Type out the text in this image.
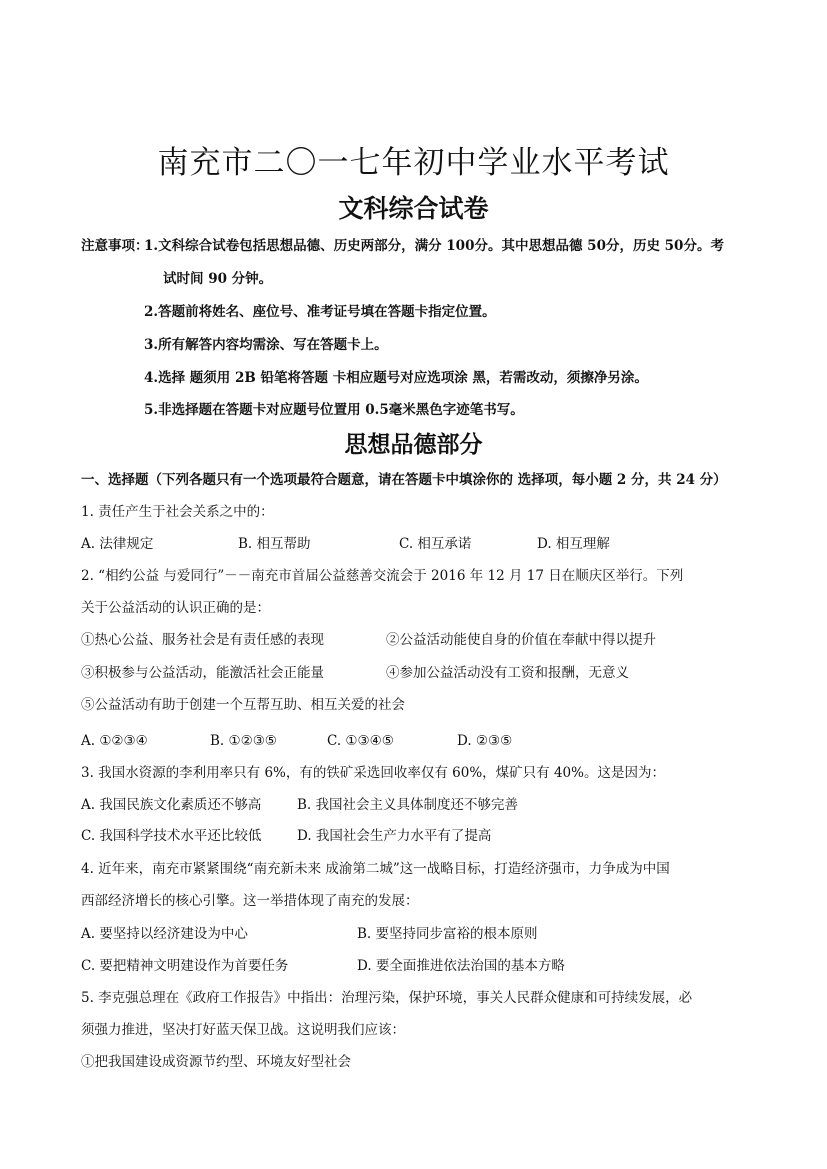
南充市二〇一七年初中学业水平考试
文科综合试卷
注意事项：
1.文科综合试卷包括思想品德、历史两部分，满分 100分。其中思想品德 50分，历史 50分。考
试时间 90 分钟。
2.答题前将姓名、座位号、准考证号填在答题卡指定位置。
3.所有解答内容均需涂、写在答题卡上。
4.选择 题须用 2B 铅笔将答题 卡相应题号对应选项涂 黑，若需改动，须擦净另涂。
5.非选择题在答题卡对应题号位置用 0.5毫米黑色字迹笔书写。
思想品德部分
一、选择题（下列各题只有一个选项最符合题意，请在答题卡中填涂你的 选择项，每小题 2 分，共 24 分）
1. 责任产生于社会关系之中的：
A. 法律规定	B. 相互帮助	C. 相互承诺	D. 相互理解
2. “相约公益 与爱同行”－－南充市首届公益慈善交流会于 2016 年 12 月 17 日在顺庆区举行。下列
关于公益活动的认识正确的是：
①热心公益、服务社会是有责任感的表现	②公益活动能使自身的价值在奉献中得以提升
③积极参与公益活动，能激活社会正能量	④参加公益活动没有工资和报酬，无意义
⑤公益活动有助于创建一个互帮互助、相互关爱的社会
A. ①②③④	B. ①②③⑤	C. ①③④⑤	D. ②③⑤
3. 我国水资源的李利用率只有 6%，有的铁矿采选回收率仅有 60%，煤矿只有 40%。这是因为：
A. 我国民族文化素质还不够高	B. 我国社会主义具体制度还不够完善
C. 我国科学技术水平还比较低	D. 我国社会生产力水平有了提高
4. 近年来，南充市紧紧围绕“南充新未来 成渝第二城”这一战略目标，打造经济强市，力争成为中国
西部经济增长的核心引擎。这一举措体现了南充的发展：
A. 要坚持以经济建设为中心	B. 要坚持同步富裕的根本原则
C. 要把精神文明建设作为首要任务	D. 要全面推进依法治国的基本方略
5. 李克强总理在《政府工作报告》中指出：治理污染，保护环境，事关人民群众健康和可持续发展，必
须强力推进，坚决打好蓝天保卫战。这说明我们应该：
①把我国建设成资源节约型、环境友好型社会
